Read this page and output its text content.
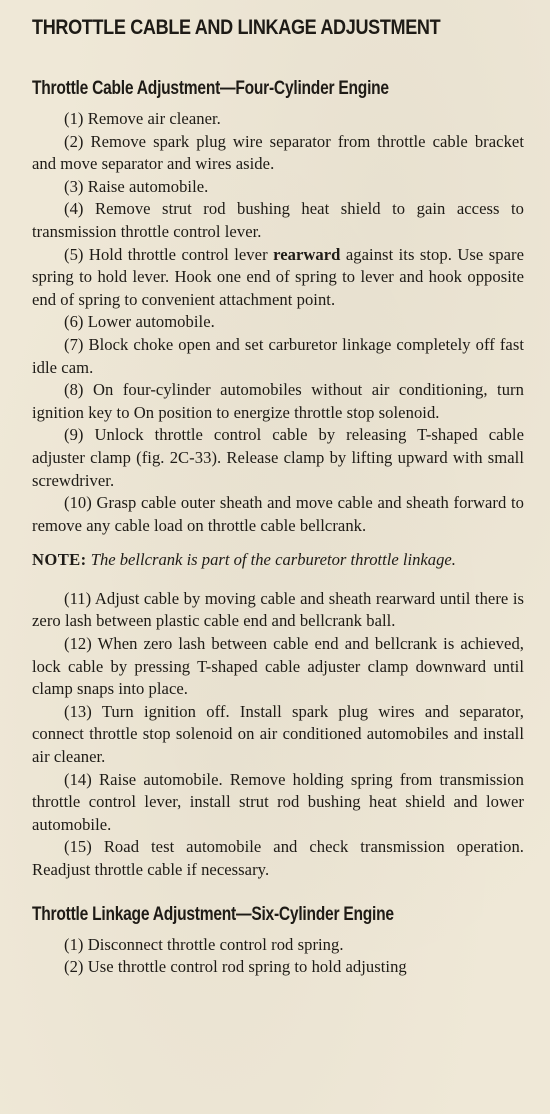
THROTTLE CABLE AND LINKAGE ADJUSTMENT
Throttle Cable Adjustment—Four-Cylinder Engine

(1) Remove air cleaner.

(2) Remove spark plug wire separator from throttle cable bracket and move separator and wires aside.

(3) Raise automobile.

(4) Remove strut rod bushing heat shield to gain access to transmission throttle control lever.

(5) Hold throttle control lever rearward against its stop. Use spare spring to hold lever. Hook one end of spring to lever and hook opposite end of spring to convenient attachment point.

(6) Lower automobile.

(7) Block choke open and set carburetor linkage completely off fast idle cam.

(8) On four-cylinder automobiles without air conditioning, turn ignition key to On position to energize throttle stop solenoid.

(9) Unlock throttle control cable by releasing T-shaped cable adjuster clamp (fig. 2C-33). Release clamp by lifting upward with small screwdriver.

(10) Grasp cable outer sheath and move cable and sheath forward to remove any cable load on throttle cable bellcrank.

NOTE: The bellcrank is part of the carburetor throttle linkage.

(11) Adjust cable by moving cable and sheath rearward until there is zero lash between plastic cable end and bellcrank ball.

(12) When zero lash between cable end and bellcrank is achieved, lock cable by pressing T-shaped cable adjuster clamp downward until clamp snaps into place.

(13) Turn ignition off. Install spark plug wires and separator, connect throttle stop solenoid on air conditioned automobiles and install air cleaner.

(14) Raise automobile. Remove holding spring from transmission throttle control lever, install strut rod bushing heat shield and lower automobile.

(15) Road test automobile and check transmission operation. Readjust throttle cable if necessary.

Throttle Linkage Adjustment—Six-Cylinder Engine

(1) Disconnect throttle control rod spring.

(2) Use throttle control rod spring to hold adjusting
